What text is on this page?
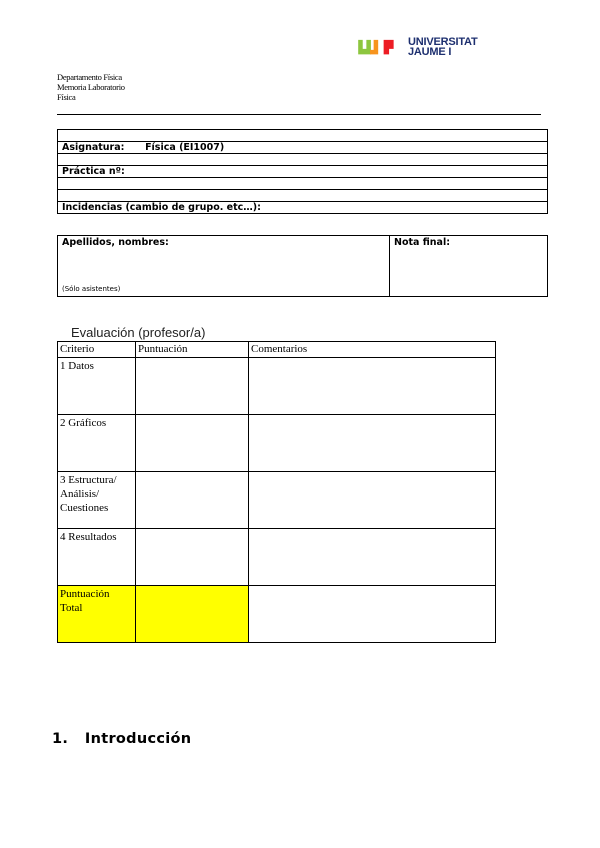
UNIVERSITAT
JAUME I
Departamento Física
Memoria Laboratorio
Física

Asignatura: Física (EI1007)

Práctica nº:

Incidencias (cambio de grupo. etc…):
Apellidos, nombres:
(Sólo asistentes)
Nota final:
Evaluación (profesor/a)
Criterio	Puntuación	Comentarios
1 Datos		
2 Gráficos		
3 Estructura/ Análisis/ Cuestiones		
4 Resultados		
Puntuación Total		
1. Introducción
